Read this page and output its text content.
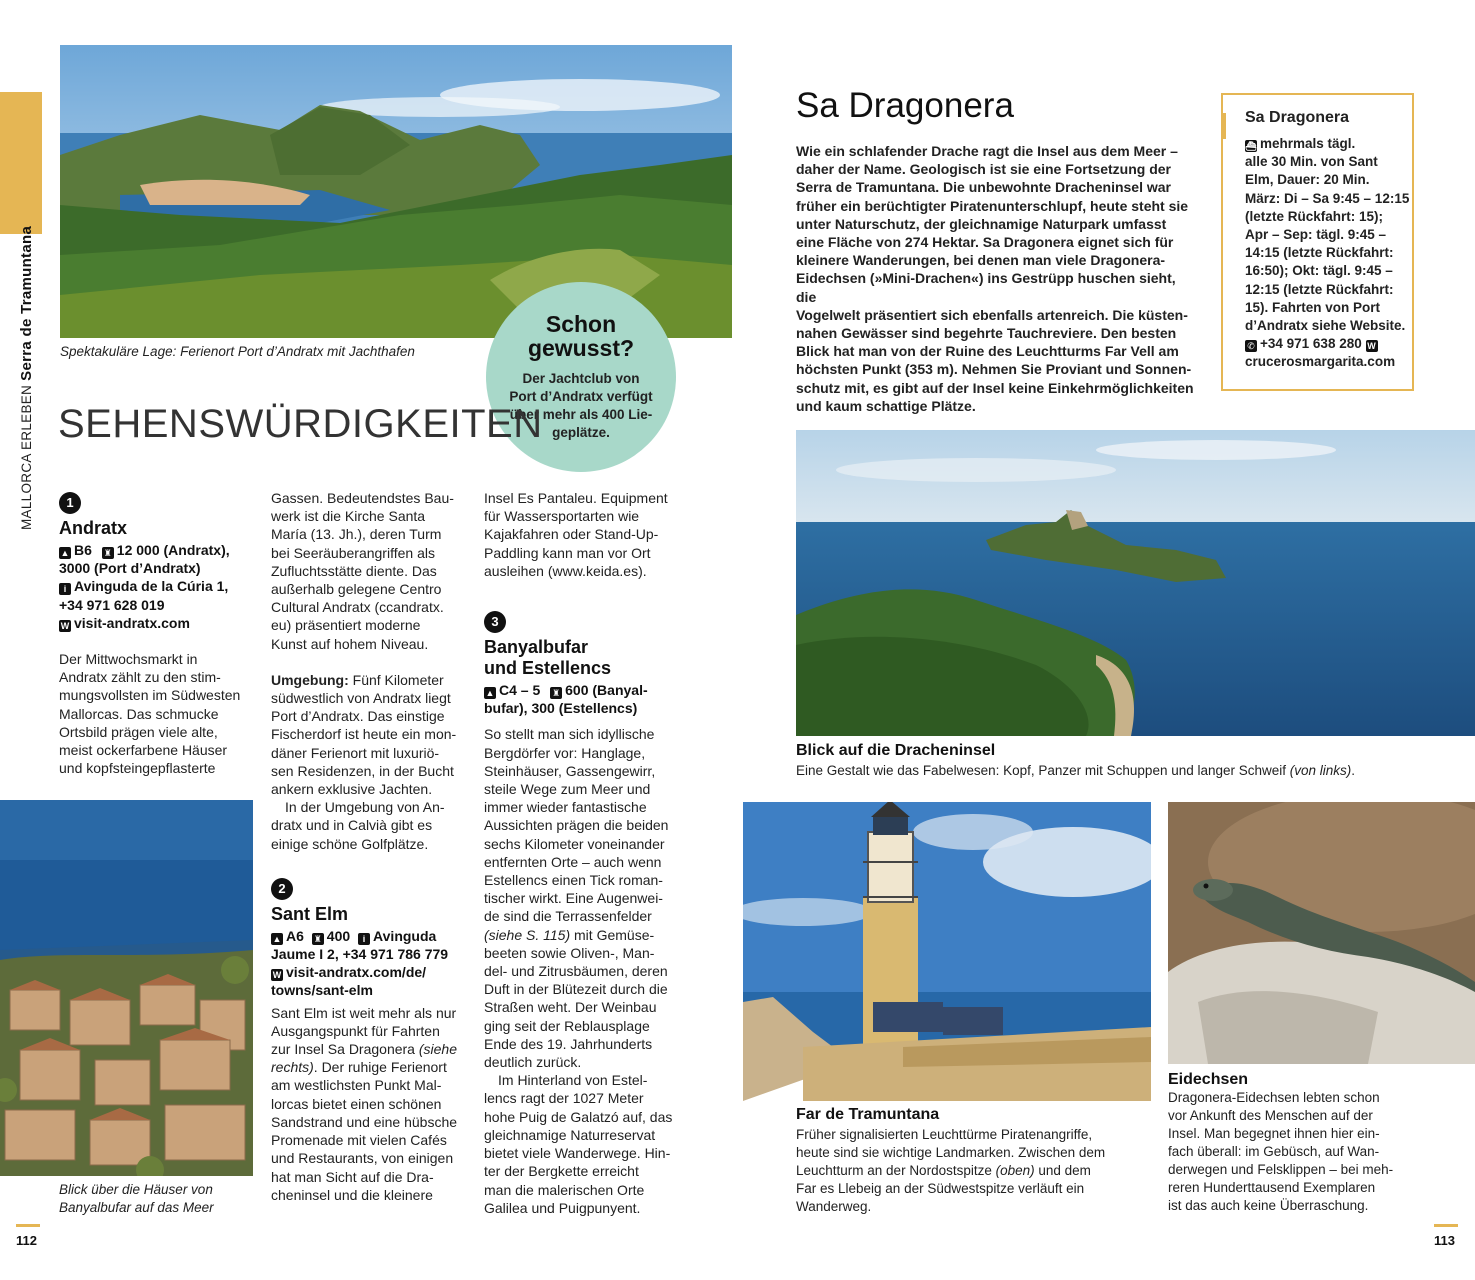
MALLORCA ERLEBEN Serra de Tramuntana Spektakuläre Lage: Ferienort Port d’Andratx mit Jachthafen
Schon
gewusst?
Der Jachtclub von
Port d’Andratx verfügt
über mehr als 400 Lie-
geplätze.
SEHENSWÜRDIGKEITEN
1
Andratx
▲ B6 ♜ 12 000 (Andratx),
3000 (Port d’Andratx)
i Avinguda de la Cúria 1,
+34 971 628 019
W visit-andratx.com

Der Mittwochsmarkt in

Andratx zählt zu den stim-

mungsvollsten im Südwesten

Mallorcas. Das schmucke

Ortsbild prägen viele alte,

meist ockerfarbene Häuser

und kopfsteingepflasterte

Blick über die Häuser von
Banyalbufar auf das Meer

Gassen. Bedeutendstes Bau-

werk ist die Kirche Santa

María (13. Jh.), deren Turm

bei Seeräuberangriffen als

Zufluchtsstätte diente. Das

außerhalb gelegene Centro

Cultural Andratx (ccandratx.

eu) präsentiert moderne

Kunst auf hohem Niveau.

Umgebung: Fünf Kilometer

südwestlich von Andratx liegt

Port d’Andratx. Das einstige

Fischerdorf ist heute ein mon-

däner Ferienort mit luxuriö-

sen Residenzen, in der Bucht

ankern exklusive Jachten.

In der Umgebung von An-

dratx und in Calvià gibt es

einige schöne Golfplätze.

2
Sant Elm
▲ A6 ♜ 400 i Avinguda
Jaume I 2, +34 971 786 779
W visit-andratx.com/de/
towns/sant-elm

Sant Elm ist weit mehr als nur

Ausgangspunkt für Fahrten

zur Insel Sa Dragonera (siehe

rechts). Der ruhige Ferienort

am westlichsten Punkt Mal-

lorcas bietet einen schönen

Sandstrand und eine hübsche

Promenade mit vielen Cafés

und Restaurants, von einigen

hat man Sicht auf die Dra-

cheninsel und die kleinere

Insel Es Pantaleu. Equipment

für Wassersportarten wie

Kajakfahren oder Stand-Up-

Paddling kann man vor Ort

ausleihen (www.keida.es).

3
Banyalbufar
und Estellencs
▲ C4 – 5 ♜ 600 (Banyal-
bufar), 300 (Estellencs)

So stellt man sich idyllische

Bergdörfer vor: Hanglage,

Steinhäuser, Gassengewirr,

steile Wege zum Meer und

immer wieder fantastische

Aussichten prägen die beiden

sechs Kilometer voneinander

entfernten Orte – auch wenn

Estellencs einen Tick roman-

tischer wirkt. Eine Augenwei-

de sind die Terrassenfelder

(siehe S. 115) mit Gemüse-

beeten sowie Oliven-, Man-

del- und Zitrusbäumen, deren

Duft in der Blütezeit durch die

Straßen weht. Der Weinbau

ging seit der Reblausplage

Ende des 19. Jahrhunderts

deutlich zurück.

Im Hinterland von Estel-

lencs ragt der 1027 Meter

hohe Puig de Galatzó auf, das

gleichnamige Naturreservat

bietet viele Wanderwege. Hin-

ter der Bergkette erreicht

man die malerischen Orte

Galilea und Puigpunyent.

112
Sa Dragonera

Wie ein schlafender Drache ragt die Insel aus dem Meer –

daher der Name. Geologisch ist sie eine Fortsetzung der

Serra de Tramuntana. Die unbewohnte Dracheninsel war

früher ein berüchtigter Piratenunterschlupf, heute steht sie

unter Naturschutz, der gleichnamige Naturpark umfasst

eine Fläche von 274 Hektar. Sa Dragonera eignet sich für

kleinere Wanderungen, bei denen man viele Dragonera-

Eidechsen (»Mini-Drachen«) ins Gestrüpp huschen sieht, die

Vogelwelt präsentiert sich ebenfalls artenreich. Die küsten-

nahen Gewässer sind begehrte Tauchreviere. Den besten

Blick hat man von der Ruine des Leuchtturms Far Vell am

höchsten Punkt (353 m). Nehmen Sie Proviant und Sonnen-

schutz mit, es gibt auf der Insel keine Einkehrmöglichkeiten

und kaum schattige Plätze.

Sa Dragonera
⛴ mehrmals tägl.
alle 30 Min. von Sant
Elm, Dauer: 20 Min.
März: Di – Sa 9:45 – 12:15
(letzte Rückfahrt: 15);
Apr – Sep: tägl. 9:45 –
14:15 (letzte Rückfahrt:
16:50); Okt: tägl. 9:45 –
12:15 (letzte Rückfahrt:
15). Fahrten von Port
d’Andratx siehe Website.
✆ +34 971 638 280 W
crucerosmargarita.com
Blick auf die Dracheninsel
Eine Gestalt wie das Fabelwesen: Kopf, Panzer mit Schuppen und langer Schweif (von links).
Far de Tramuntana
Früher signalisierten Leuchttürme Piratenangriffe,
heute sind sie wichtige Landmarken. Zwischen dem
Leuchtturm an der Nordostspitze (oben) und dem
Far es Llebeig an der Südwestspitze verläuft ein
Wanderweg.
Eidechsen
Dragonera-Eidechsen lebten schon
vor Ankunft des Menschen auf der
Insel. Man begegnet ihnen hier ein-
fach überall: im Gebüsch, auf Wan-
derwegen und Felsklippen – bei meh-
reren Hunderttausend Exemplaren
ist das auch keine Überraschung.
113
